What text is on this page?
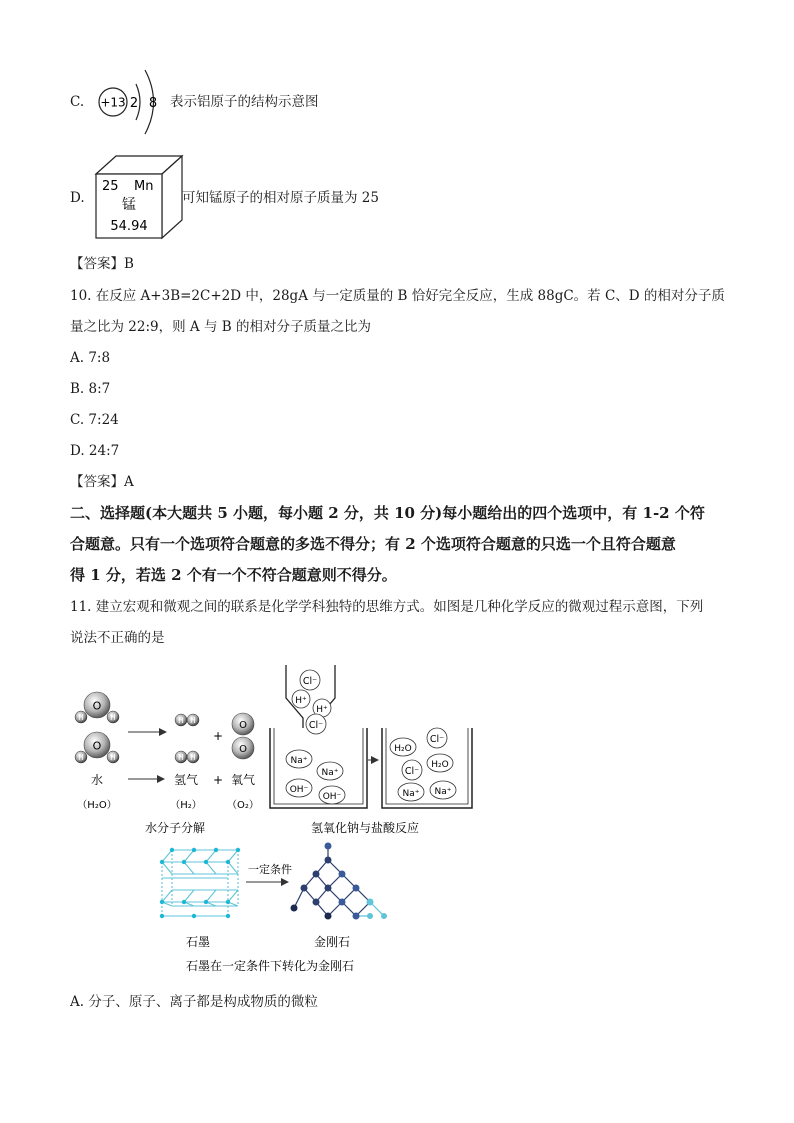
C. +13 2 8 表示铝原子的结构示意图
D.
25 Mn
锰
54.94
可知锰原子的相对原子质量为 25
【答案】B
10. 在反应 A+3B=2C+2D 中，28gA 与一定质量的 B 恰好完全反应，生成 88gC。若 C、D 的相对分子质
量之比为 22:9，则 A 与 B 的相对分子质量之比为
A. 7:8
B. 8:7
C. 7:24
D. 24:7
【答案】A
二、选择题(本大题共 5 小题，每小题 2 分，共 10 分)每小题给出的四个选项中，有 1-2 个符
合题意。只有一个选项符合题意的多选不得分；有 2 个选项符合题意的只选一个且符合题意
得 1 分，若选 2 个有一个不符合题意则不得分。
11. 建立宏观和微观之间的联系是化学学科独特的思维方式。如图是几种化学反应的微观过程示意图，下列
说法不正确的是
O
H	H
O
H	H
H H
H H
+
O
O
水	氢气 + 氧气
（H₂O）	（H₂）	（O₂）
水分子分解
Cl⁻
H⁺
H⁺
Cl⁻
Na⁺
Na⁺
OH⁻
OH⁻
H₂O
Cl⁻
Cl⁻
H₂O
Na⁺ Na⁺
氢氧化钠与盐酸反应
一定条件
石墨	金刚石
石墨在一定条件下转化为金刚石
A. 分子、原子、离子都是构成物质的微粒
